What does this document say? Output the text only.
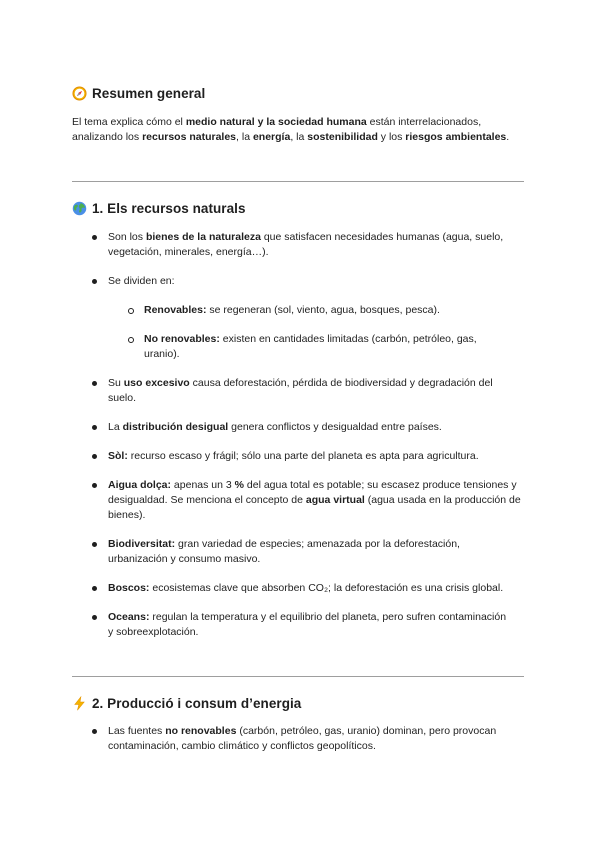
Resumen general

El tema explica cómo el medio natural y la sociedad humana están interrelacionados, analizando los recursos naturales, la energía, la sostenibilidad y los riesgos ambientales.

1. Els recursos naturals
Son los bienes de la naturaleza que satisfacen necesidades humanas (agua, suelo, vegetación, minerales, energía…).
Se dividen en:
Renovables: se regeneran (sol, viento, agua, bosques, pesca).
No renovables: existen en cantidades limitadas (carbón, petróleo, gas, uranio).
Su uso excesivo causa deforestación, pérdida de biodiversidad y degradación del suelo.
La distribución desigual genera conflictos y desigualdad entre países.
Sòl: recurso escaso y frágil; sólo una parte del planeta es apta para agricultura.
Aigua dolça: apenas un 3 % del agua total es potable; su escasez produce tensiones y desigualdad. Se menciona el concepto de agua virtual (agua usada en la producción de bienes).
Biodiversitat: gran variedad de especies; amenazada por la deforestación, urbanización y consumo masivo.
Boscos: ecosistemas clave que absorben CO₂; la deforestación es una crisis global.
Oceans: regulan la temperatura y el equilibrio del planeta, pero sufren contaminación y sobreexplotación.
2. Producció i consum d’energia
Las fuentes no renovables (carbón, petróleo, gas, uranio) dominan, pero provocan contaminación, cambio climático y conflictos geopolíticos.
